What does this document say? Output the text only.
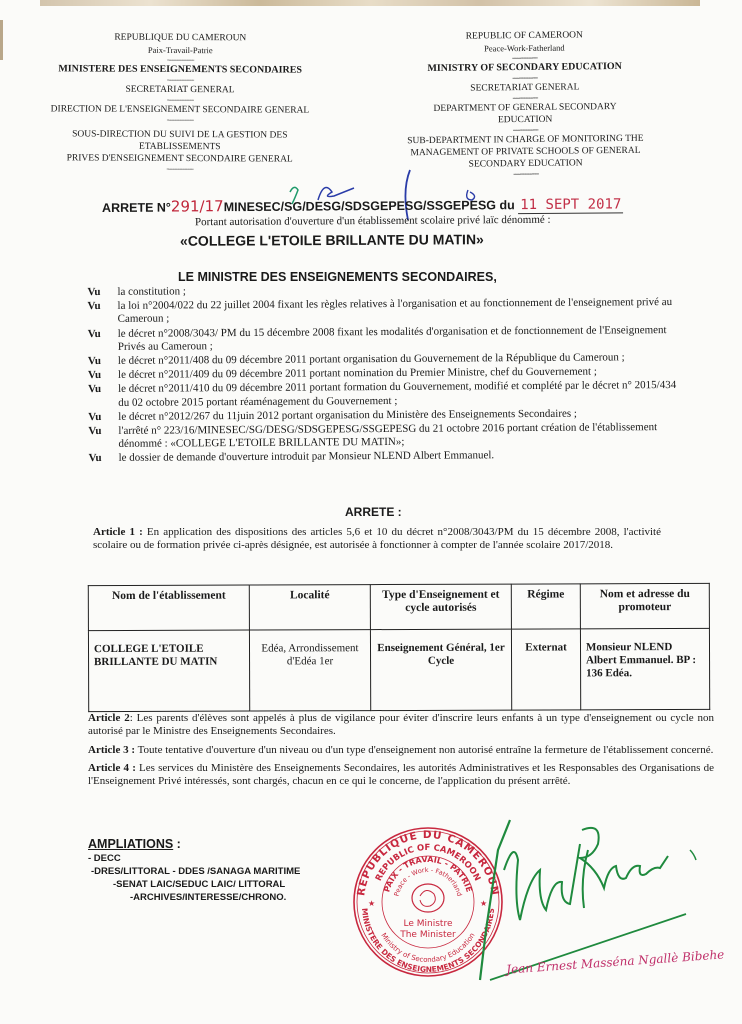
REPUBLIQUE DU CAMEROUN

Paix-Travail-Patrie

----------------

MINISTERE DES ENSEIGNEMENTS SECONDAIRES

----------------

SECRETARIAT GENERAL

----------------

DIRECTION DE L'ENSEIGNEMENT SECONDAIRE GENERAL

----------------

SOUS-DIRECTION DU SUIVI DE LA GESTION DES

ETABLISSEMENTS

PRIVES D'ENSEIGNEMENT SECONDAIRE GENERAL

----------------

REPUBLIC OF CAMEROON

Peace-Work-Fatherland

---------------

MINISTRY OF SECONDARY EDUCATION

---------------

SECRETARIAT GENERAL

---------------

DEPARTMENT OF GENERAL SECONDARY

EDUCATION

---------------

SUB-DEPARTMENT IN CHARGE OF MONITORING THE

MANAGEMENT OF PRIVATE SCHOOLS OF GENERAL

SECONDARY EDUCATION

---------------

ARRETE N°291/17MINESEC/SG/DESG/SDSGEPESG/SSGEPESG du 11 SEPT 2017
Portant autorisation d'ouverture d'un établissement scolaire privé laïc dénommé :
«COLLEGE L'ETOILE BRILLANTE DU MATIN»
LE MINISTRE DES ENSEIGNEMENTS SECONDAIRES,
Vu	la constitution ;
Vu	la loi n°2004/022 du 22 juillet 2004 fixant les règles relatives à l'organisation et au fonctionnement de l'enseignement privé au Cameroun ;
Vu	le décret n°2008/3043/ PM du 15 décembre 2008 fixant les modalités d'organisation et de fonctionnement de l'Enseignement Privés au Cameroun ;
Vu	le décret n°2011/408 du 09 décembre 2011 portant organisation du Gouvernement de la République du Cameroun ;
Vu	le décret n°2011/409 du 09 décembre 2011 portant nomination du Premier Ministre, chef du Gouvernement ;
Vu	le décret n°2011/410 du 09 décembre 2011 portant formation du Gouvernement, modifié et complété par le décret n° 2015/434 du 02 octobre 2015 portant réaménagement du Gouvernement ;
Vu	le décret n°2012/267 du 11juin 2012 portant organisation du Ministère des Enseignements Secondaires ;
Vu	l'arrêté n° 223/16/MINESEC/SG/DESG/SDSGEPESG/SSGEPESG du 21 octobre 2016 portant création de l'établissement dénommé : «COLLEGE L'ETOILE BRILLANTE DU MATIN»;
Vu	le dossier de demande d'ouverture introduit par Monsieur NLEND Albert Emmanuel.
ARRETE :
Article 1 : En application des dispositions des articles 5,6 et 10 du décret n°2008/3043/PM du 15 décembre 2008, l'activité scolaire ou de formation privée ci-après désignée, est autorisée à fonctionner à compter de l'année scolaire 2017/2018.
Nom de l'établissement	Localité	Type d'Enseignement et cycle autorisés	Régime	Nom et adresse du promoteur
COLLEGE L'ETOILE BRILLANTE DU MATIN	Edéa, Arrondissement d'Edéa 1er	Enseignement Général, 1er Cycle	Externat	Monsieur NLEND Albert Emmanuel. BP : 136 Edéa.

Article 2: Les parents d'élèves sont appelés à plus de vigilance pour éviter d'inscrire leurs enfants à un type d'enseignement ou cycle non autorisé par le Ministre des Enseignements Secondaires.

Article 3 : Toute tentative d'ouverture d'un niveau ou d'un type d'enseignement non autorisé entraîne la fermeture de l'établissement concerné.

Article 4 : Les services du Ministère des Enseignements Secondaires, les autorités Administratives et les Responsables des Organisations de l'Enseignement Privé intéressés, sont chargés, chacun en ce qui le concerne, de l'application du présent arrêté.

AMPLIATIONS :
- DECC
-DRES/LITTORAL - DDES /SANAGA MARITIME
-SENAT LAIC/SEDUC LAIC/ LITTORAL
-ARCHIVES/INTERESSE/CHRONO.
REPUBLIQUE DU CAMEROUN
REPUBLIC OF CAMEROON
PAIX - TRAVAIL - PATRIE
Peace - Work - Fatherland
MINISTERE DES ENSEIGNEMENTS SECONDAIRES
Ministry of Secondary Education
Le Ministre
The Minister
★	★
Jean Ernest Masséna Ngallè Bibehe
